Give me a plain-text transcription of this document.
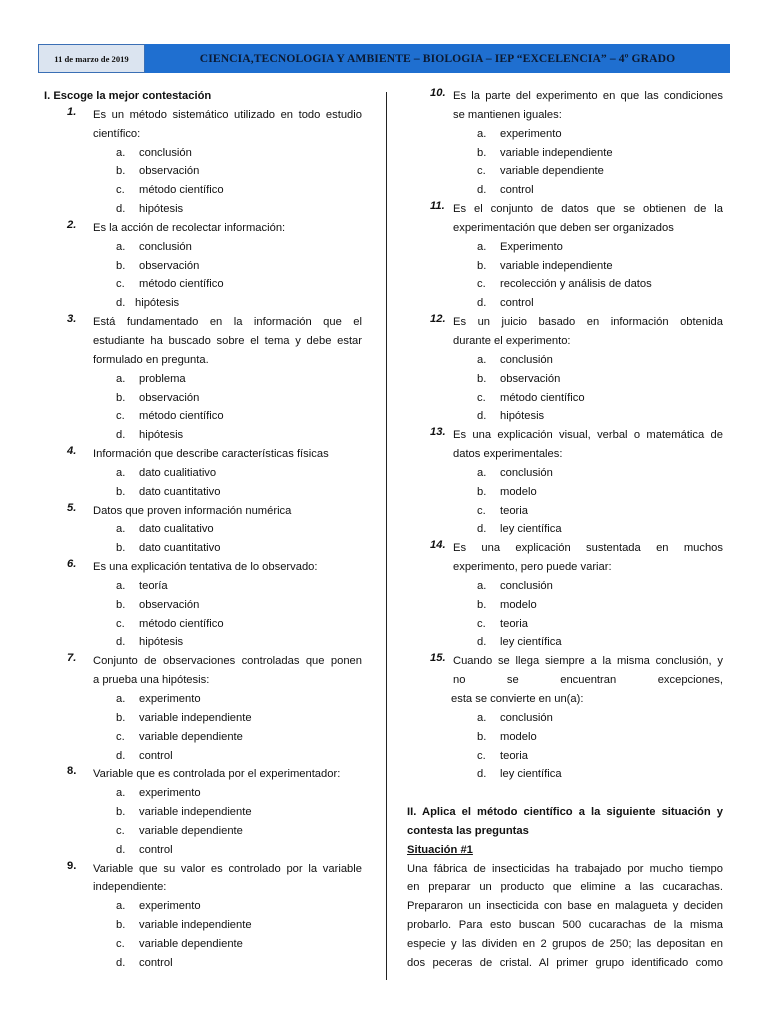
11 de marzo de 2019	CIENCIA,TECNOLOGIA Y AMBIENTE – BIOLOGIA – IEP “EXCELENCIA” – 4º GRADO
I. Escoge la mejor contestación
1. Es un método sistemático utilizado en todo estudio
científico:
a. conclusión
b. observación
c. método científico
d. hipótesis
2. Es la acción de recolectar información:
a. conclusión
b. observación
c. método científico
d. hipótesis
3. Está fundamentado en la información que el
estudiante ha buscado sobre el tema y debe estar
formulado en pregunta.
a. problema
b. observación
c. método científico
d. hipótesis
4. Información que describe características físicas
a. dato cualitiativo
b. dato cuantitativo
5. Datos que proven información numérica
a. dato cualitativo
b. dato cuantitativo
6. Es una explicación tentativa de lo observado:
a. teoría
b. observación
c. método científico
d. hipótesis
7. Conjunto de observaciones controladas que ponen
a prueba una hipótesis:
a. experimento
b. variable independiente
c. variable dependiente
d. control
8. Variable que es controlada por el experimentador:
a. experimento
b. variable independiente
c. variable dependiente
d. control
9. Variable que su valor es controlado por la variable
independiente:
a. experimento
b. variable independiente
c. variable dependiente
d. control
10. Es la parte del experimento en que las condiciones
se mantienen iguales:
a. experimento
b. variable independiente
c. variable dependiente
d. control
11. Es el conjunto de datos que se obtienen de la
experimentación que deben ser organizados
a. Experimento
b. variable independiente
c. recolección y análisis de datos
d. control
12. Es un juicio basado en información obtenida
durante el experimento:
a. conclusión
b. observación
c. método científico
d. hipótesis
13. Es una explicación visual, verbal o matemática de
datos experimentales:
a. conclusión
b. modelo
c. teoria
d. ley científica
14. Es una explicación sustentada en muchos
experimento, pero puede variar:
a. conclusión
b. modelo
c. teoria
d. ley científica
15. Cuando se llega siempre a la misma conclusión, y
no se encuentran excepciones,
esta se convierte en un(a):
a. conclusión
b. modelo
c. teoria
d. ley científica
II. Aplica el método científico a la siguiente situación y
contesta las preguntas
Situación #1
Una fábrica de insecticidas ha trabajado por mucho tiempo
en preparar un producto que elimine a las cucarachas.
Prepararon un insecticida con base en malagueta y deciden
probarlo. Para esto buscan 500 cucarachas de la misma
especie y las dividen en 2 grupos de 250; las depositan en
dos peceras de cristal. Al primer grupo identificado como
